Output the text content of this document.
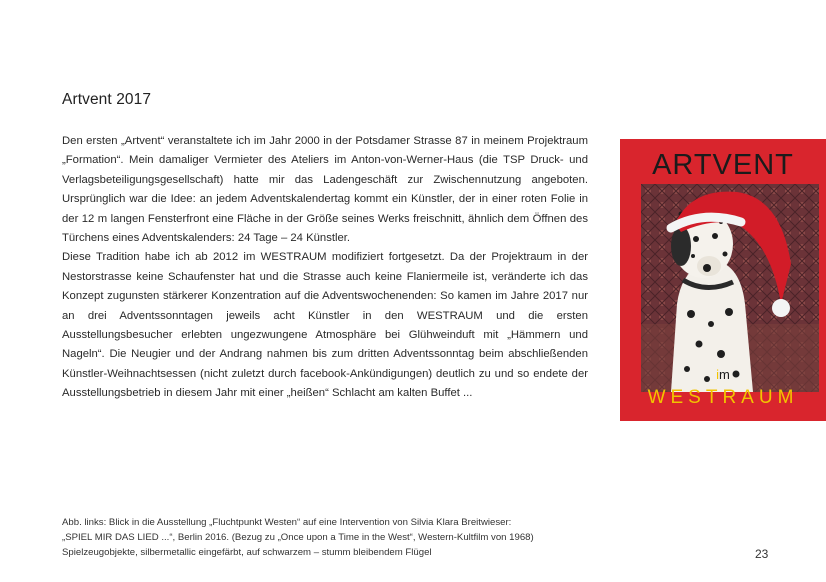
Artvent 2017

Den ersten „Artvent“ veranstaltete ich im Jahr 2000 in der Potsdamer Strasse 87 in meinem Projektraum „Formation“. Mein damaliger Vermieter des Ateliers im Anton-von-Werner-Haus (die TSP Druck- und Verlagsbeteiligungsgesellschaft) hatte mir das Ladengeschäft zur Zwischennutzung angeboten. Ursprünglich war die Idee: an jedem Adventskalendertag kommt ein Künstler, der in einer roten Folie in der 12 m langen Fensterfront eine Fläche in der Größe seines Werks freischnitt, ähnlich dem Öffnen des Türchens eines Adventskalenders: 24 Tage – 24 Künstler.

Diese Tradition habe ich ab 2012 im WESTRAUM modifiziert fortgesetzt. Da der Projektraum in der Nestorstrasse keine Schaufenster hat und die Strasse auch keine Flaniermeile ist, veränderte ich das Konzept zugunsten stärkerer Konzentration auf die Adventswochenenden: So kamen im Jahre 2017 nur an drei Adventssonntagen jeweils acht Künstler in den WESTRAUM und die ersten Ausstellungsbesucher erlebten ungezwungene Atmosphäre bei Glühweinduft mit „Hämmern und Nageln“. Die Neugier und der Andrang nahmen bis zum dritten Adventssonntag beim abschließenden Künstler-Weihnachtsessen (nicht zuletzt durch facebook-Ankündigungen) deutlich zu und so endete der Ausstellungsbetrieb in diesem Jahr mit einer „heißen“ Schlacht am kalten Buffet ...

ARTVENT
im
WESTRAUM
Abb. links: Blick in die Ausstellung „Fluchtpunkt Westen“ auf eine Intervention von Silvia Klara Breitwieser:
„SPIEL MIR DAS LIED ...“, Berlin 2016. (Bezug zu „Once upon a Time in the West“, Western-Kultfilm von 1968)
Spielzeugobjekte, silbermetallic eingefärbt, auf schwarzem – stumm bleibendem Flügel	23
